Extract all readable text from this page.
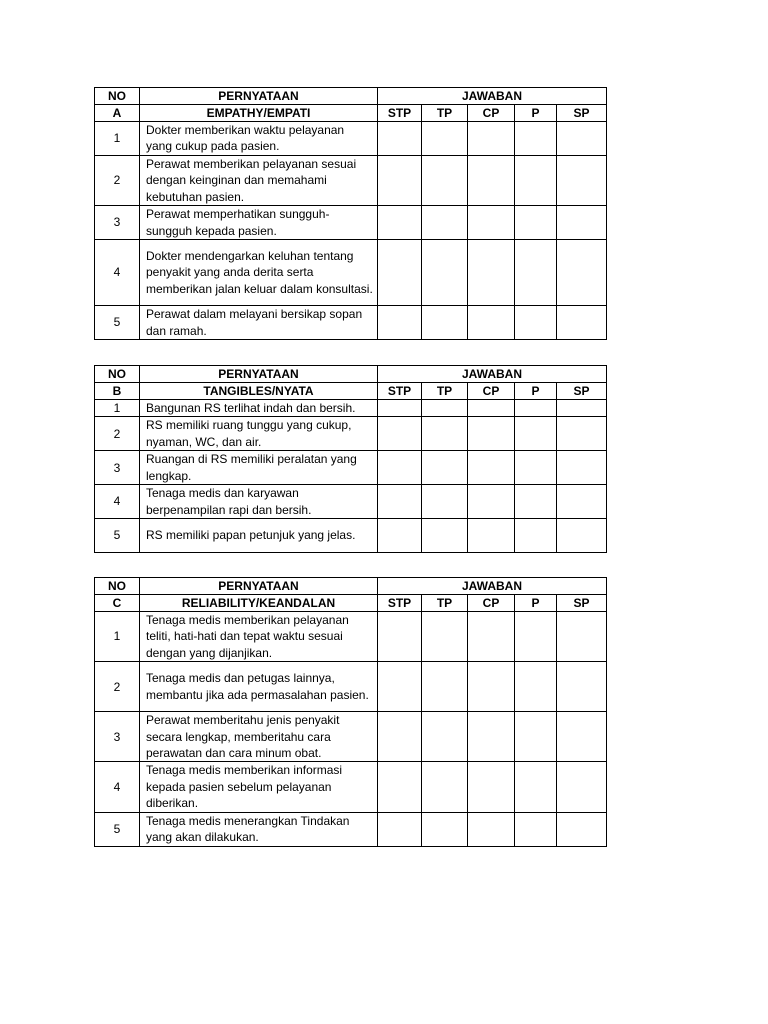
NO	PERNYATAAN	JAWABAN				
A	EMPATHY/EMPATI	STP	TP	CP	P	SP
1	Dokter memberikan waktu pelayanan yang cukup pada pasien.					
2	Perawat memberikan pelayanan sesuai dengan keinginan dan memahami kebutuhan pasien.					
3	Perawat memperhatikan sungguh-sungguh kepada pasien.					
4	Dokter mendengarkan keluhan tentang penyakit yang anda derita serta memberikan jalan keluar dalam konsultasi.					
5	Perawat dalam melayani bersikap sopan dan ramah.					
NO	PERNYATAAN	JAWABAN				
B	TANGIBLES/NYATA	STP	TP	CP	P	SP
1	Bangunan RS terlihat indah dan bersih.					
2	RS memiliki ruang tunggu yang cukup, nyaman, WC, dan air.					
3	Ruangan di RS memiliki peralatan yang lengkap.					
4	Tenaga medis dan karyawan berpenampilan rapi dan bersih.					
5	RS memiliki papan petunjuk yang jelas.					
NO	PERNYATAAN	JAWABAN				
C	RELIABILITY/KEANDALAN	STP	TP	CP	P	SP
1	Tenaga medis memberikan pelayanan teliti, hati-hati dan tepat waktu sesuai dengan yang dijanjikan.					
2	Tenaga medis dan petugas lainnya, membantu jika ada permasalahan pasien.					
3	Perawat memberitahu jenis penyakit secara lengkap, memberitahu cara perawatan dan cara minum obat.					
4	Tenaga medis memberikan informasi kepada pasien sebelum pelayanan diberikan.					
5	Tenaga medis menerangkan Tindakan yang akan dilakukan.					
